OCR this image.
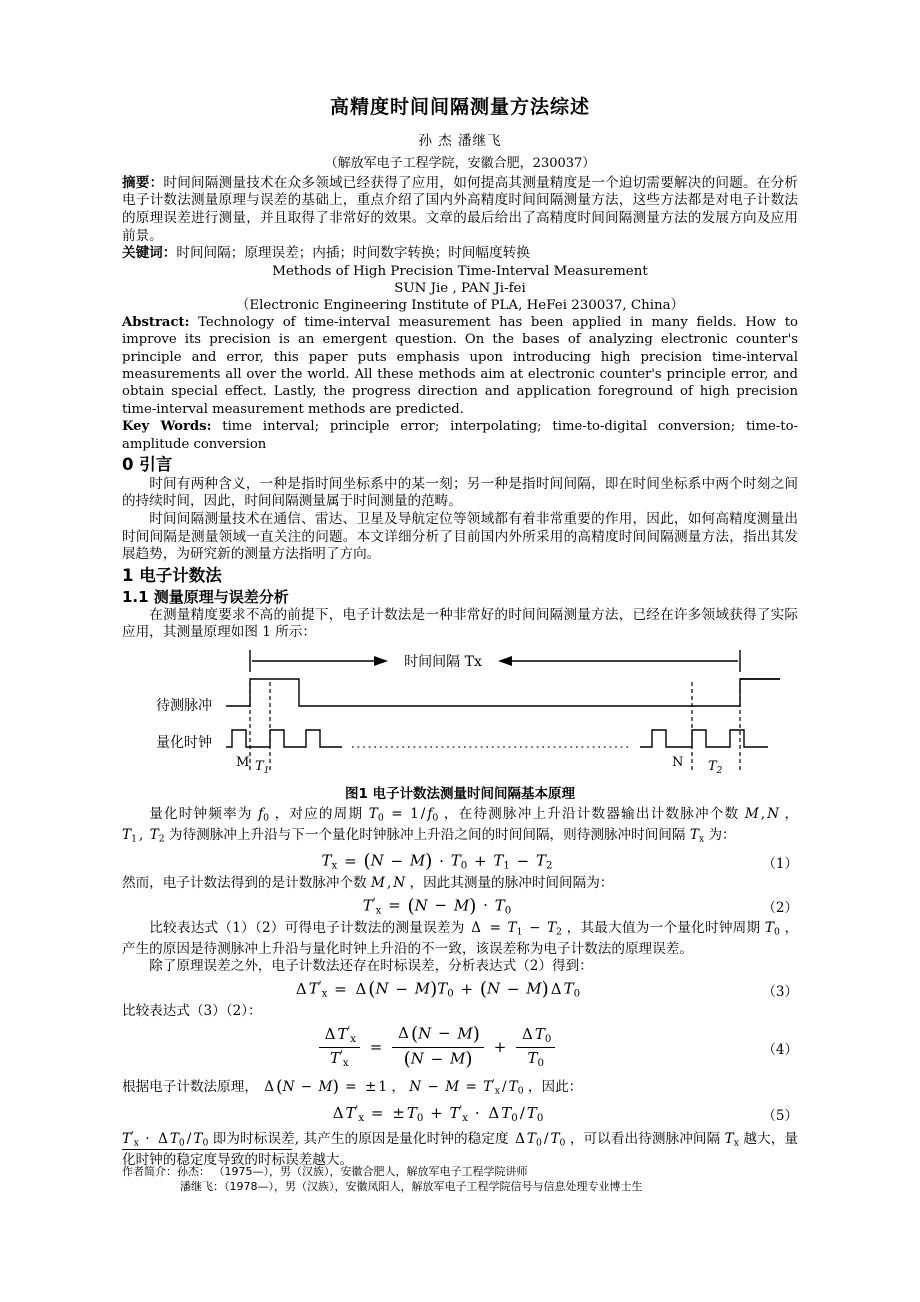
高精度时间间隔测量方法综述
孙 杰 潘继飞
（解放军电子工程学院，安徽合肥，230037）

摘要：时间间隔测量技术在众多领域已经获得了应用，如何提高其测量精度是一个迫切需要解决的问题。在分析电子计数法测量原理与误差的基础上，重点介绍了国内外高精度时间间隔测量方法，这些方法都是对电子计数法的原理误差进行测量，并且取得了非常好的效果。文章的最后给出了高精度时间间隔测量方法的发展方向及应用前景。

关键词：时间间隔；原理误差；内插；时间数字转换；时间幅度转换

Methods of High Precision Time-Interval Measurement
SUN Jie , PAN Ji-fei
（Electronic Engineering Institute of PLA, HeFei 230037, China）

Abstract: Technology of time-interval measurement has been applied in many fields. How to improve its precision is an emergent question. On the bases of analyzing electronic counter's principle and error, this paper puts emphasis upon introducing high precision time-interval measurements all over the world. All these methods aim at electronic counter's principle error, and obtain special effect. Lastly, the progress direction and application foreground of high precision time-interval measurement methods are predicted.

Key Words: time interval; principle error; interpolating; time-to-digital conversion; time-to-amplitude conversion

0 引言

时间有两种含义，一种是指时间坐标系中的某一刻；另一种是指时间间隔，即在时间坐标系中两个时刻之间的持续时间，因此，时间间隔测量属于时间测量的范畴。

时间间隔测量技术在通信、雷达、卫星及导航定位等领域都有着非常重要的作用，因此，如何高精度测量出时间间隔是测量领域一直关注的问题。本文详细分析了目前国内外所采用的高精度时间间隔测量方法，指出其发展趋势，为研究新的测量方法指明了方向。

1 电子计数法
1.1 测量原理与误差分析

在测量精度要求不高的前提下，电子计数法是一种非常好的时间间隔测量方法，已经在许多领域获得了实际应用，其测量原理如图 1 所示：

时间间隔 Tx
待测脉冲
量化时钟
M $T_1$
N $T_2$
图1 电子计数法测量时间间隔基本原理

量化时钟频率为 $f_0$ ，对应的周期 $T_0 = 1 / f_0$ ，在待测脉冲上升沿计数器输出计数脉冲个数 M , N ， $T_1$ , $T_2$ 为待测脉冲上升沿与下一个量化时钟脉冲上升沿之间的时间间隔，则待测脉冲时间间隔 $T_x$ 为：

$T_x = (N - M) \cdot T_0 + T_1 - T_2$	（1）

然而，电子计数法得到的是计数脉冲个数 M , N ，因此其测量的脉冲时间间隔为：

$T'_x = (N - M) \cdot T_0$	（2）

比较表达式（1）（2）可得电子计数法的测量误差为 $\Delta = T_1 - T_2$ ，其最大值为一个量化时钟周期 $T_0$ ，产生的原因是待测脉冲上升沿与量化时钟上升沿的不一致，该误差称为电子计数法的原理误差。

除了原理误差之外，电子计数法还存在时标误差，分析表达式（2）得到：

Δ $T'_x = \Delta$ $(N - M)T_0 + (N - M)$ Δ $T_0$	（3）

比较表达式（3）（2）：

$\frac{\Delta T'_x}{T'_x} = \frac{\Delta (N - M)}{(N - M)} + \frac{\Delta T_0}{T_0}$	（4）

根据电子计数法原理， Δ (N − M) = ± 1 ， $N - M = T'_x / T_0$ ，因此：

Δ $T'_x$ = ± $T_0 + T'_x \cdot \Delta$ $T_0 / T_0$	（5）

$T'_x \cdot \Delta$ $T_0 / T_0$ 即为时标误差, 其产生的原因是量化时钟的稳定度 Δ $T_0 / T_0$ ，可以看出待测脉冲间隔 $T_x$ 越大，量化时钟的稳定度导致的时标误差越大。

作者简介：孙杰： （1975—），男（汉族），安徽合肥人，解放军电子工程学院讲师
潘继飞：（1978—），男（汉族），安徽凤阳人，解放军电子工程学院信号与信息处理专业博士生
